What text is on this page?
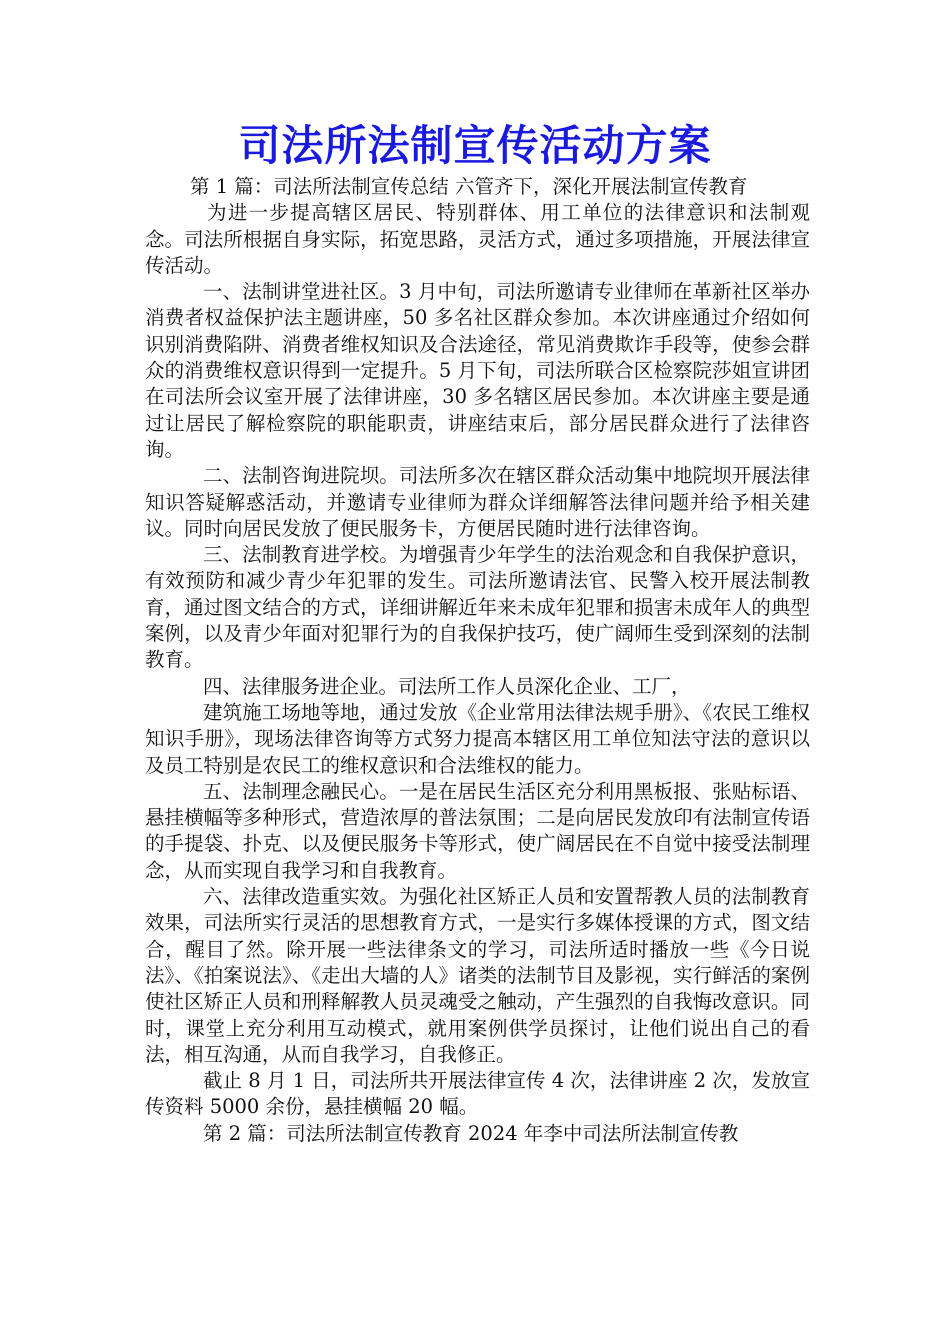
司法所法制宣传活动方案

第 1 篇：司法所法制宣传总结 六管齐下，深化开展法制宣传教育

为进一步提高辖区居民、特别群体、用工单位的法律意识和法制观念。司法所根据自身实际，拓宽思路，灵活方式，通过多项措施，开展法律宣传活动。

一、法制讲堂进社区。3 月中旬，司法所邀请专业律师在革新社区举办消费者权益保护法主题讲座，50 多名社区群众参加。本次讲座通过介绍如何识别消费陷阱、消费者维权知识及合法途径，常见消费欺诈手段等，使参会群众的消费维权意识得到一定提升。5 月下旬，司法所联合区检察院莎姐宣讲团在司法所会议室开展了法律讲座，30 多名辖区居民参加。本次讲座主要是通过让居民了解检察院的职能职责，讲座结束后，部分居民群众进行了法律咨询。

二、法制咨询进院坝。司法所多次在辖区群众活动集中地院坝开展法律知识答疑解惑活动，并邀请专业律师为群众详细解答法律问题并给予相关建议。同时向居民发放了便民服务卡，方便居民随时进行法律咨询。

三、法制教育进学校。为增强青少年学生的法治观念和自我保护意识，有效预防和减少青少年犯罪的发生。司法所邀请法官、民警入校开展法制教育，通过图文结合的方式，详细讲解近年来未成年犯罪和损害未成年人的典型案例，以及青少年面对犯罪行为的自我保护技巧，使广阔师生受到深刻的法制教育。

四、法律服务进企业。司法所工作人员深化企业、工厂，

建筑施工场地等地，通过发放《企业常用法律法规手册》、《农民工维权知识手册》，现场法律咨询等方式努力提高本辖区用工单位知法守法的意识以及员工特别是农民工的维权意识和合法维权的能力。

五、法制理念融民心。一是在居民生活区充分利用黑板报、张贴标语、悬挂横幅等多种形式，营造浓厚的普法氛围；二是向居民发放印有法制宣传语的手提袋、扑克、以及便民服务卡等形式，使广阔居民在不自觉中接受法制理念，从而实现自我学习和自我教育。

六、法律改造重实效。为强化社区矫正人员和安置帮教人员的法制教育效果，司法所实行灵活的思想教育方式，一是实行多媒体授课的方式，图文结合，醒目了然。除开展一些法律条文的学习，司法所适时播放一些《今日说法》、《拍案说法》、《走出大墙的人》诸类的法制节目及影视，实行鲜活的案例使社区矫正人员和刑释解教人员灵魂受之触动，产生强烈的自我悔改意识。同时，课堂上充分利用互动模式，就用案例供学员探讨，让他们说出自己的看法，相互沟通，从而自我学习，自我修正。

截止 8 月 1 日，司法所共开展法律宣传 4 次，法律讲座 2 次，发放宣传资料 5000 余份，悬挂横幅 20 幅。

第 2 篇：司法所法制宣传教育 2024 年李中司法所法制宣传教
